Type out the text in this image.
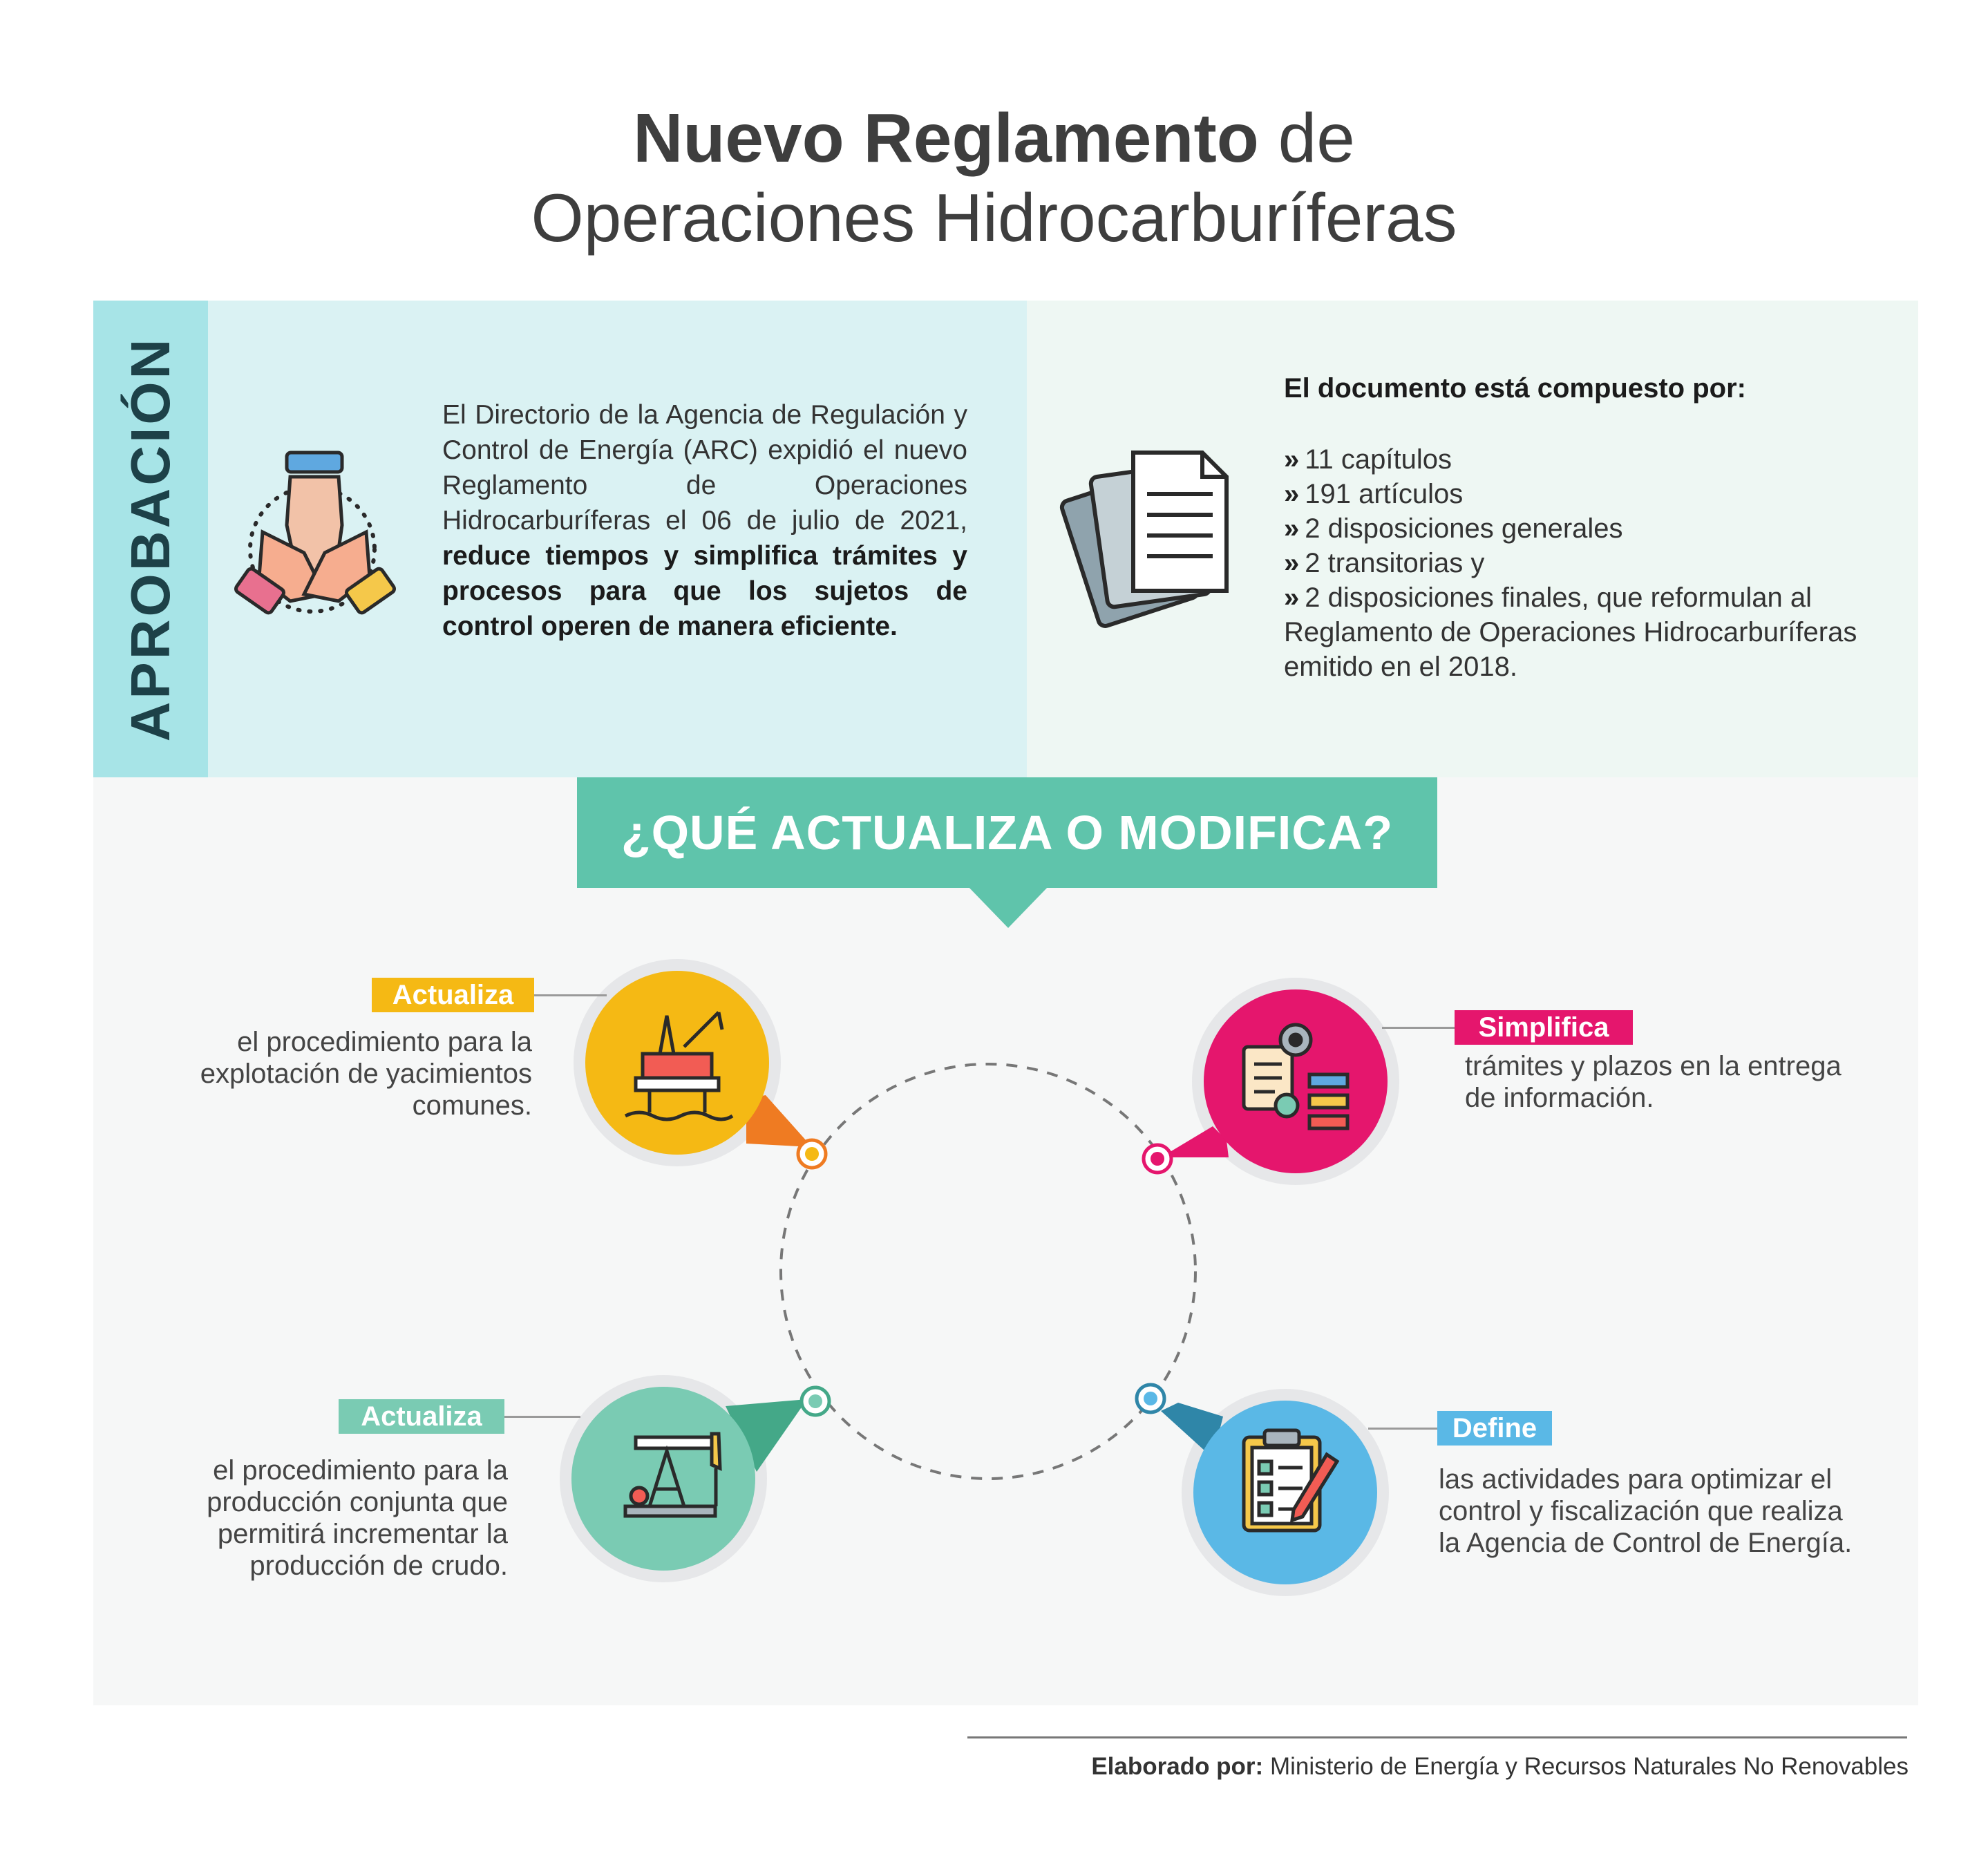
Nuevo Reglamento de
Operaciones Hidrocarburíferas
APROBACIÓN	El Directorio de la Agencia de Regulación y Control de Energía (ARC) expidió el nuevo Reglamento de Operaciones Hidrocarburíferas el 06 de julio de 2021, reduce tiempos y simplifica trámites y procesos para que los sujetos de control operen de manera eficiente.
El documento está compuesto por:
» 11 capítulos
» 191 artículos
» 2 disposiciones generales
» 2 transitorias y
» 2 disposiciones finales, que reformulan al Reglamento de Operaciones Hidrocarburíferas emitido en el 2018.
¿QUÉ ACTUALIZA O MODIFICA?
Actualiza
el procedimiento para la explotación de yacimientos comunes.
Simplifica
trámites y plazos en la entrega de información.
Actualiza
el procedimiento para la producción conjunta que permitirá incrementar la producción de crudo.
Define
las actividades para optimizar el control y fiscalización que realiza la Agencia de Control de Energía.
Elaborado por: Ministerio de Energía y Recursos Naturales No Renovables
